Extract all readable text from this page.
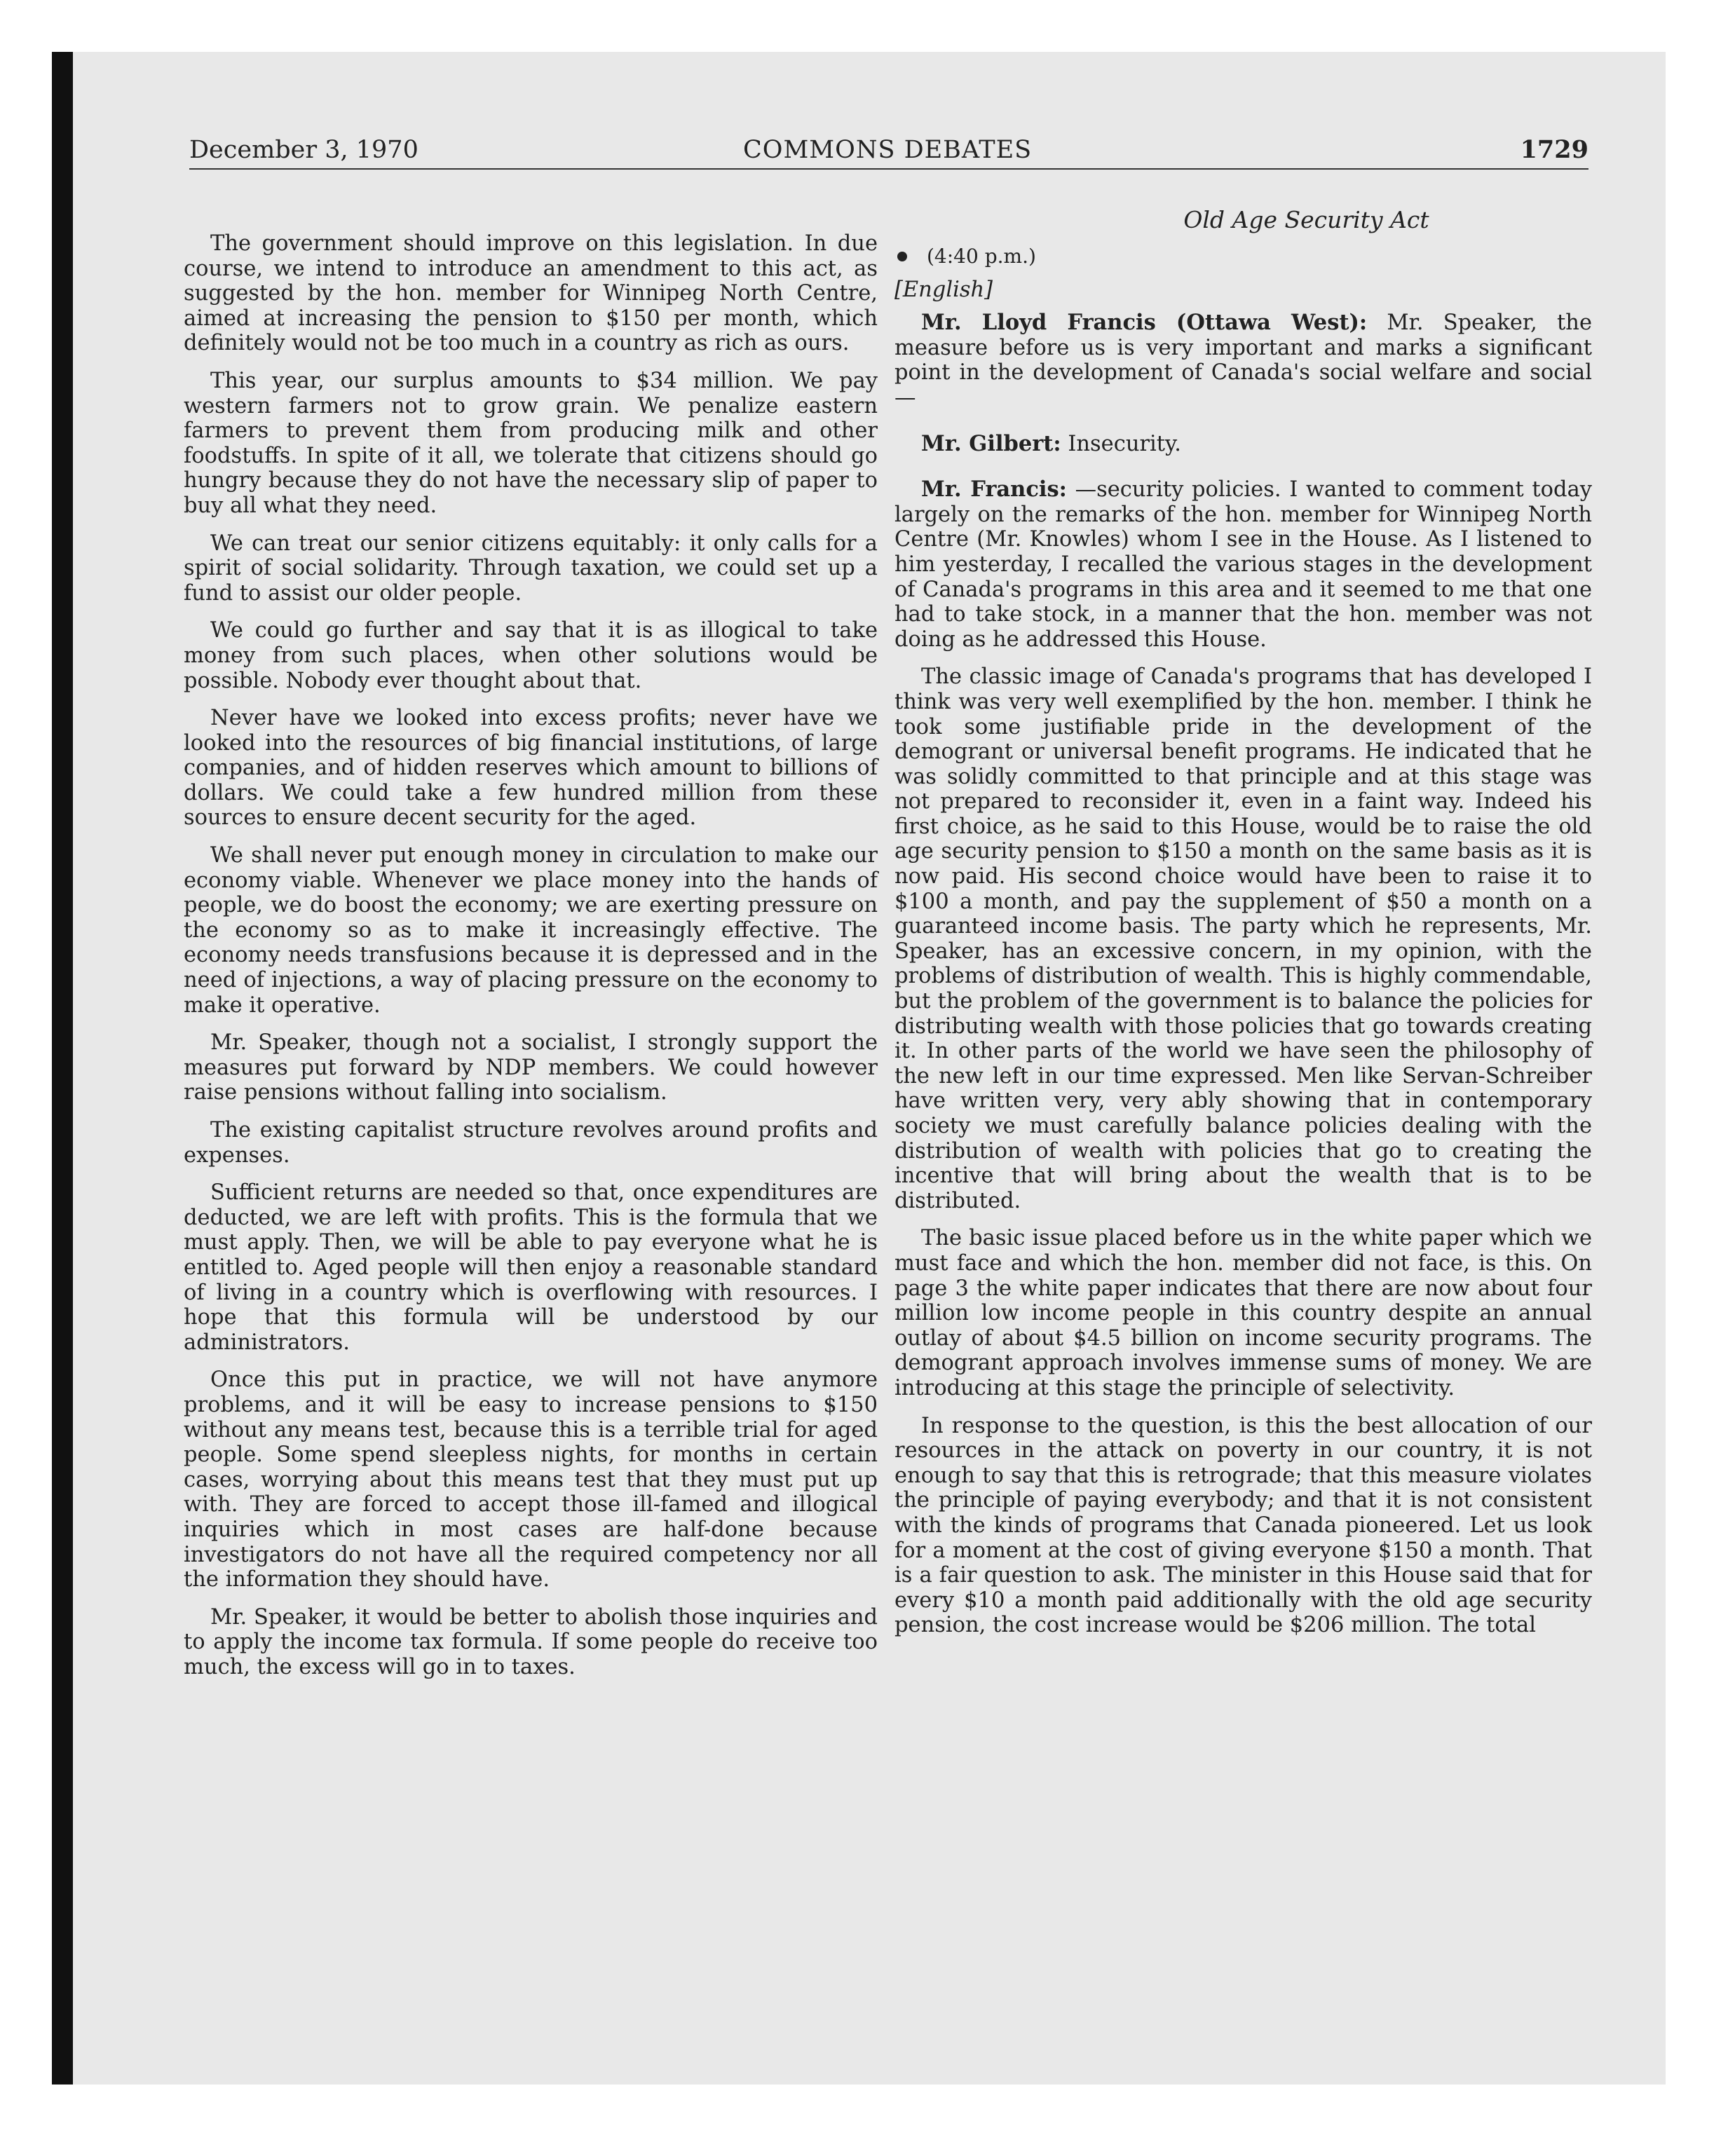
December 3, 1970	COMMONS DEBATES	1729

The government should improve on this legislation. In due course, we intend to introduce an amendment to this act, as suggested by the hon. member for Winnipeg North Centre, aimed at increasing the pension to $150 per month, which definitely would not be too much in a country as rich as ours.

This year, our surplus amounts to $34 million. We pay western farmers not to grow grain. We penalize eastern farmers to prevent them from producing milk and other foodstuffs. In spite of it all, we tolerate that citizens should go hungry because they do not have the necessary slip of paper to buy all what they need.

We can treat our senior citizens equitably: it only calls for a spirit of social solidarity. Through taxation, we could set up a fund to assist our older people.

We could go further and say that it is as illogical to take money from such places, when other solutions would be possible. Nobody ever thought about that.

Never have we looked into excess profits; never have we looked into the resources of big financial institutions, of large companies, and of hidden reserves which amount to billions of dollars. We could take a few hundred million from these sources to ensure decent security for the aged.

We shall never put enough money in circulation to make our economy viable. Whenever we place money into the hands of people, we do boost the economy; we are exerting pressure on the economy so as to make it increasingly effective. The economy needs transfusions because it is depressed and in the need of injections, a way of placing pressure on the economy to make it operative.

Mr. Speaker, though not a socialist, I strongly support the measures put forward by NDP members. We could however raise pensions without falling into socialism.

The existing capitalist structure revolves around profits and expenses.

Sufficient returns are needed so that, once expenditures are deducted, we are left with profits. This is the formula that we must apply. Then, we will be able to pay everyone what he is entitled to. Aged people will then enjoy a reasonable standard of living in a country which is overflowing with resources. I hope that this formula will be understood by our administrators.

Once this put in practice, we will not have anymore problems, and it will be easy to increase pensions to $150 without any means test, because this is a terrible trial for aged people. Some spend sleepless nights, for months in certain cases, worrying about this means test that they must put up with. They are forced to accept those ill-famed and illogical inquiries which in most cases are half-done because investigators do not have all the required competency nor all the information they should have.

Mr. Speaker, it would be better to abolish those inquiries and to apply the income tax formula. If some people do receive too much, the excess will go in to taxes.

Old Age Security Act

(4:40 p.m.)

[English]

Mr. Lloyd Francis (Ottawa West): Mr. Speaker, the measure before us is very important and marks a significant point in the development of Canada's social welfare and social—

Mr. Gilbert: Insecurity.

Mr. Francis: —security policies. I wanted to comment today largely on the remarks of the hon. member for Winnipeg North Centre (Mr. Knowles) whom I see in the House. As I listened to him yesterday, I recalled the various stages in the development of Canada's programs in this area and it seemed to me that one had to take stock, in a manner that the hon. member was not doing as he addressed this House.

The classic image of Canada's programs that has developed I think was very well exemplified by the hon. member. I think he took some justifiable pride in the development of the demogrant or universal benefit programs. He indicated that he was solidly committed to that principle and at this stage was not prepared to reconsider it, even in a faint way. Indeed his first choice, as he said to this House, would be to raise the old age security pension to $150 a month on the same basis as it is now paid. His second choice would have been to raise it to $100 a month, and pay the supplement of $50 a month on a guaranteed income basis. The party which he represents, Mr. Speaker, has an excessive concern, in my opinion, with the problems of distribution of wealth. This is highly commendable, but the problem of the government is to balance the policies for distributing wealth with those policies that go towards creating it. In other parts of the world we have seen the philosophy of the new left in our time expressed. Men like Servan-Schreiber have written very, very ably showing that in contemporary society we must carefully balance policies dealing with the distribution of wealth with policies that go to creating the incentive that will bring about the wealth that is to be distributed.

The basic issue placed before us in the white paper which we must face and which the hon. member did not face, is this. On page 3 the white paper indicates that there are now about four million low income people in this country despite an annual outlay of about $4.5 billion on income security programs. The demogrant approach involves immense sums of money. We are introducing at this stage the principle of selectivity.

In response to the question, is this the best allocation of our resources in the attack on poverty in our country, it is not enough to say that this is retrograde; that this measure violates the principle of paying everybody; and that it is not consistent with the kinds of programs that Canada pioneered. Let us look for a moment at the cost of giving everyone $150 a month. That is a fair question to ask. The minister in this House said that for every $10 a month paid additionally with the old age security pension, the cost increase would be $206 million. The total
